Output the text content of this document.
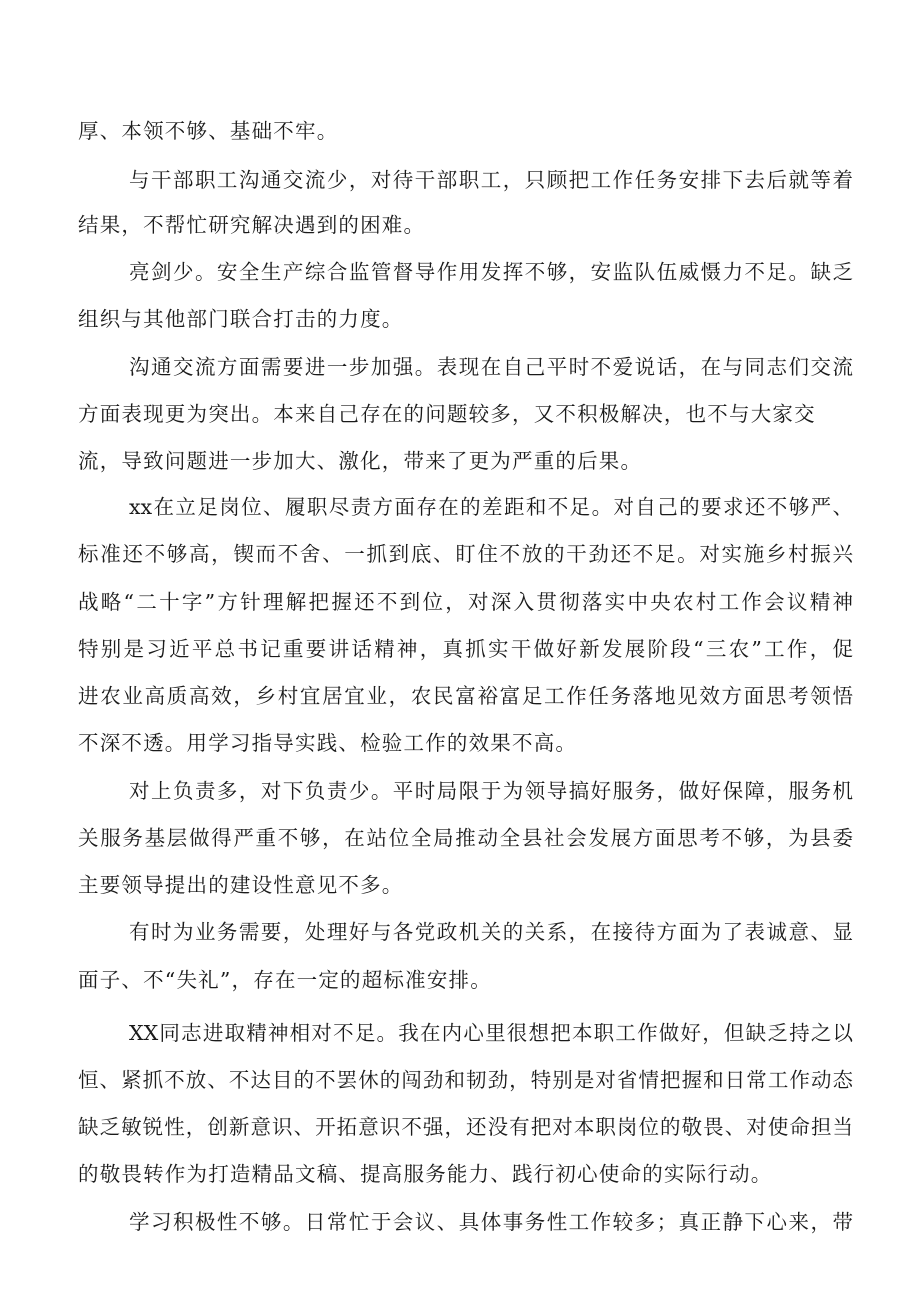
厚、本领不够、基础不牢。
与干部职工沟通交流少，对待干部职工，只顾把工作任务安排下去后就等着
结果，不帮忙研究解决遇到的困难。
亮剑少。安全生产综合监管督导作用发挥不够，安监队伍威慑力不足。缺乏
组织与其他部门联合打击的力度。
沟通交流方面需要进一步加强。表现在自己平时不爱说话，在与同志们交流
方面表现更为突出。本来自己存在的问题较多，又不积极解决，也不与大家交
流，导致问题进一步加大、激化，带来了更为严重的后果。
xx在立足岗位、履职尽责方面存在的差距和不足。对自己的要求还不够严、
标准还不够高，锲而不舍、一抓到底、盯住不放的干劲还不足。对实施乡村振兴
战略“二十字”方针理解把握还不到位，对深入贯彻落实中央农村工作会议精神
特别是习近平总书记重要讲话精神，真抓实干做好新发展阶段“三农”工作，促
进农业高质高效，乡村宜居宜业，农民富裕富足工作任务落地见效方面思考领悟
不深不透。用学习指导实践、检验工作的效果不高。
对上负责多，对下负责少。平时局限于为领导搞好服务，做好保障，服务机
关服务基层做得严重不够，在站位全局推动全县社会发展方面思考不够，为县委
主要领导提出的建设性意见不多。
有时为业务需要，处理好与各党政机关的关系，在接待方面为了表诚意、显
面子、不“失礼”，存在一定的超标准安排。
XX同志进取精神相对不足。我在内心里很想把本职工作做好，但缺乏持之以
恒、紧抓不放、不达目的不罢休的闯劲和韧劲，特别是对省情把握和日常工作动态
缺乏敏锐性，创新意识、开拓意识不强，还没有把对本职岗位的敬畏、对使命担当
的敬畏转作为打造精品文稿、提高服务能力、践行初心使命的实际行动。
学习积极性不够。日常忙于会议、具体事务性工作较多；真正静下心来，带
